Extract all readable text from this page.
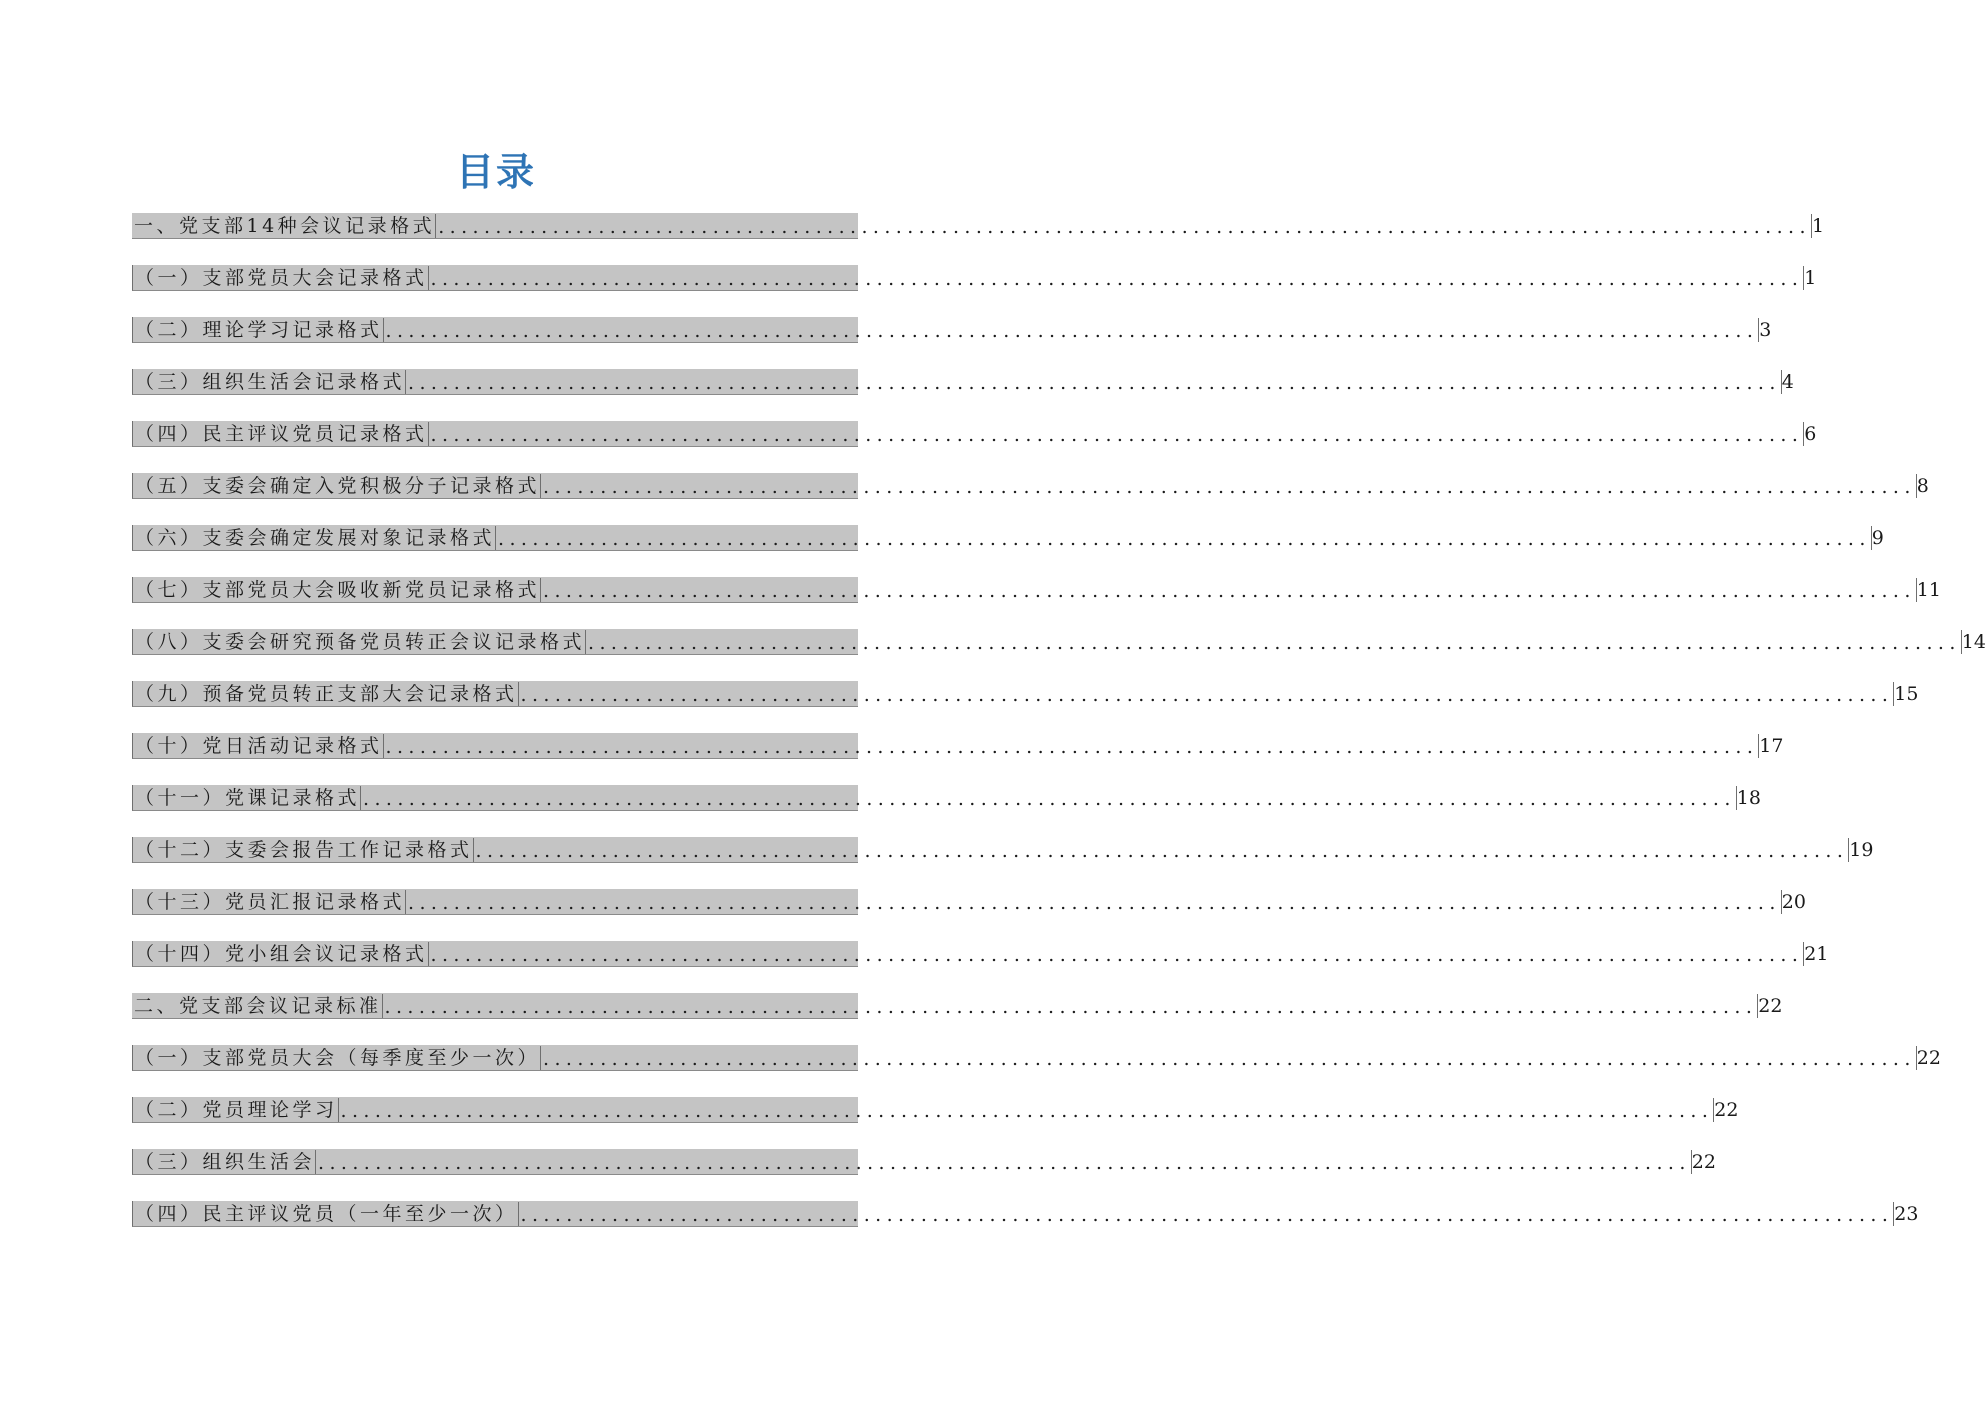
目录
一、党支部14种会议记录格式 ........................................................................................................................ 1
（一）支部党员大会记录格式 ........................................................................................................................ 1
（二）理论学习记录格式 ........................................................................................................................ 3
（三）组织生活会记录格式 ........................................................................................................................ 4
（四）民主评议党员记录格式 ........................................................................................................................ 6
（五）支委会确定入党积极分子记录格式 ........................................................................................................................ 8
（六）支委会确定发展对象记录格式 ........................................................................................................................ 9
（七）支部党员大会吸收新党员记录格式 ........................................................................................................................ 11
（八）支委会研究预备党员转正会议记录格式 ........................................................................................................................ 14
（九）预备党员转正支部大会记录格式 ........................................................................................................................ 15
（十）党日活动记录格式 ........................................................................................................................ 17
（十一）党课记录格式 ........................................................................................................................ 18
（十二）支委会报告工作记录格式 ........................................................................................................................ 19
（十三）党员汇报记录格式 ........................................................................................................................ 20
（十四）党小组会议记录格式 ........................................................................................................................ 21
二、党支部会议记录标准 ........................................................................................................................ 22
（一）支部党员大会（每季度至少一次） ........................................................................................................................ 22
（二）党员理论学习 ........................................................................................................................ 22
（三）组织生活会 ........................................................................................................................ 22
（四）民主评议党员（一年至少一次） ........................................................................................................................ 23
